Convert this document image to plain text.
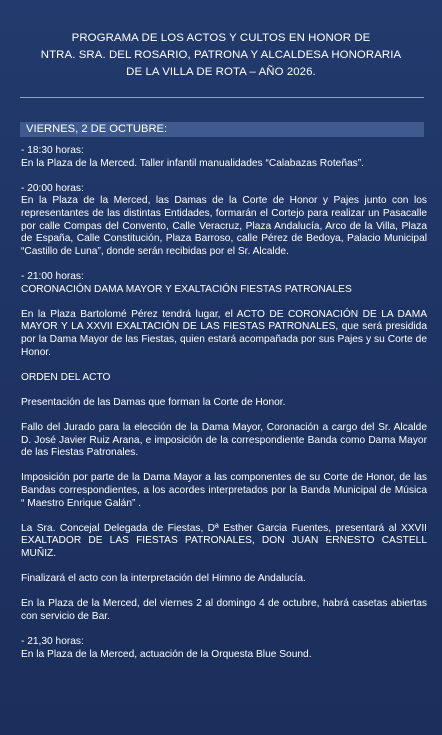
PROGRAMA DE LOS ACTOS Y CULTOS EN HONOR DE
NTRA. SRA. DEL ROSARIO, PATRONA Y ALCALDESA HONORARIA
DE LA VILLA DE ROTA – AÑO 2026.
VIERNES, 2 DE OCTUBRE:

- 18:30 horas:

En la Plaza de la Merced. Taller infantil manualidades “Calabazas Roteñas”.

- 20:00 horas:

En la Plaza de la Merced, las Damas de la Corte de Honor y Pajes junto con los representantes de las distintas Entidades, formarán el Cortejo para realizar un Pasacalle por calle Compas del Convento, Calle Veracruz, Plaza Andalucía, Arco de la Villa, Plaza de España, Calle Constitución, Plaza Barroso, calle Pérez de Bedoya, Palacio Municipal “Castillo de Luna”, donde serán recibidas por el Sr. Alcalde.

- 21:00 horas:

CORONACIÓN DAMA MAYOR Y EXALTACIÓN FIESTAS PATRONALES

En la Plaza Bartolomé Pérez tendrá lugar, el ACTO DE CORONACIÓN DE LA DAMA MAYOR Y LA XXVII EXALTACIÓN DE LAS FIESTAS PATRONALES, que será presidida por la Dama Mayor de las Fiestas, quien estará acompañada por sus Pajes y su Corte de Honor.

ORDEN DEL ACTO

Presentación de las Damas que forman la Corte de Honor.

Fallo del Jurado para la elección de la Dama Mayor, Coronación a cargo del Sr. Alcalde D. José Javier Ruiz Arana, e imposición de la correspondiente Banda como Dama Mayor de las Fiestas Patronales.

Imposición por parte de la Dama Mayor a las componentes de su Corte de Honor, de las Bandas correspondientes, a los acordes interpretados por la Banda Municipal de Música “ Maestro Enrique Galán” .

La Sra. Concejal Delegada de Fiestas, Dª Esther Garcia Fuentes, presentará al XXVII EXALTADOR DE LAS FIESTAS PATRONALES, DON JUAN ERNESTO CASTELL MUÑIZ.

Finalizará el acto con la interpretación del Himno de Andalucía.

En la Plaza de la Merced, del viernes 2 al domingo 4 de octubre, habrá casetas abiertas con servicio de Bar.

- 21,30 horas:

En la Plaza de la Merced, actuación de la Orquesta Blue Sound.
